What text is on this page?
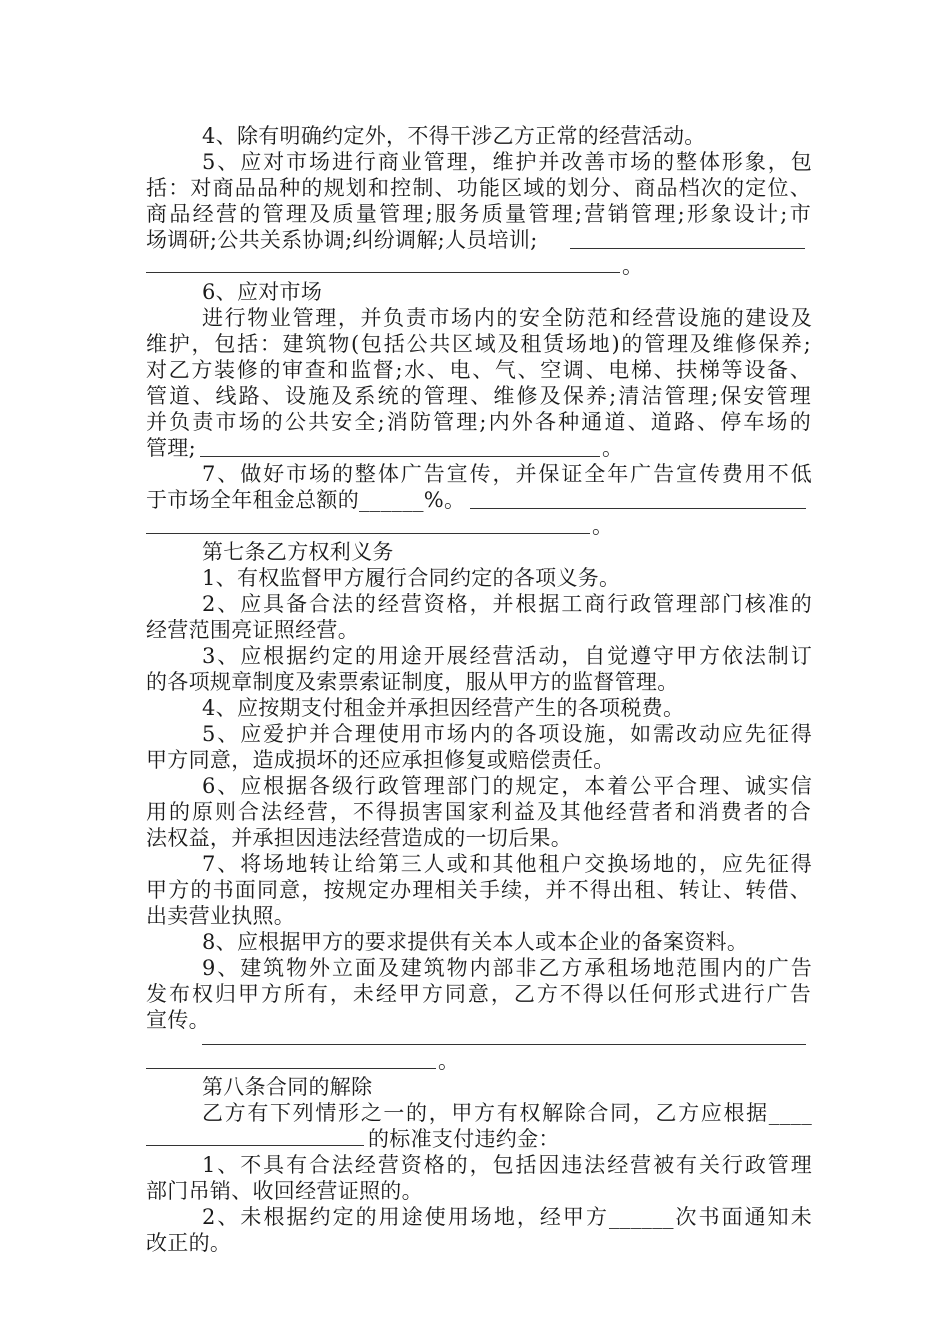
4、除有明确约定外，不得干涉乙方正常的经营活动。
5、应对市场进行商业管理，维护并改善市场的整体形象，包
括：对商品品种的规划和控制、功能区域的划分、商品档次的定位、
商品经营的管理及质量管理;服务质量管理;营销管理;形象设计;市
场调研;公共关系协调;纠纷调解;人员培训;
。
6、应对市场
进行物业管理，并负责市场内的安全防范和经营设施的建设及
维护，包括：建筑物(包括公共区域及租赁场地)的管理及维修保养;
对乙方装修的审查和监督;水、电、气、空调、电梯、扶梯等设备、
管道、线路、设施及系统的管理、维修及保养;清洁管理;保安管理
并负责市场的公共安全;消防管理;内外各种通道、道路、停车场的
管理;	。
7、做好市场的整体广告宣传，并保证全年广告宣传费用不低
于市场全年租金总额的______%。
。
第七条乙方权利义务
1、有权监督甲方履行合同约定的各项义务。
2、应具备合法的经营资格，并根据工商行政管理部门核准的
经营范围亮证照经营。
3、应根据约定的用途开展经营活动，自觉遵守甲方依法制订
的各项规章制度及索票索证制度，服从甲方的监督管理。
4、应按期支付租金并承担因经营产生的各项税费。
5、应爱护并合理使用市场内的各项设施，如需改动应先征得
甲方同意，造成损坏的还应承担修复或赔偿责任。
6、应根据各级行政管理部门的规定，本着公平合理、诚实信
用的原则合法经营，不得损害国家利益及其他经营者和消费者的合
法权益，并承担因违法经营造成的一切后果。
7、将场地转让给第三人或和其他租户交换场地的，应先征得
甲方的书面同意，按规定办理相关手续，并不得出租、转让、转借、
出卖营业执照。
8、应根据甲方的要求提供有关本人或本企业的备案资料。
9、建筑物外立面及建筑物内部非乙方承租场地范围内的广告
发布权归甲方所有，未经甲方同意，乙方不得以任何形式进行广告
宣传。
。
第八条合同的解除
乙方有下列情形之一的，甲方有权解除合同，乙方应根据____
的标准支付违约金：
1、不具有合法经营资格的，包括因违法经营被有关行政管理
部门吊销、收回经营证照的。
2、未根据约定的用途使用场地，经甲方______次书面通知未
改正的。
